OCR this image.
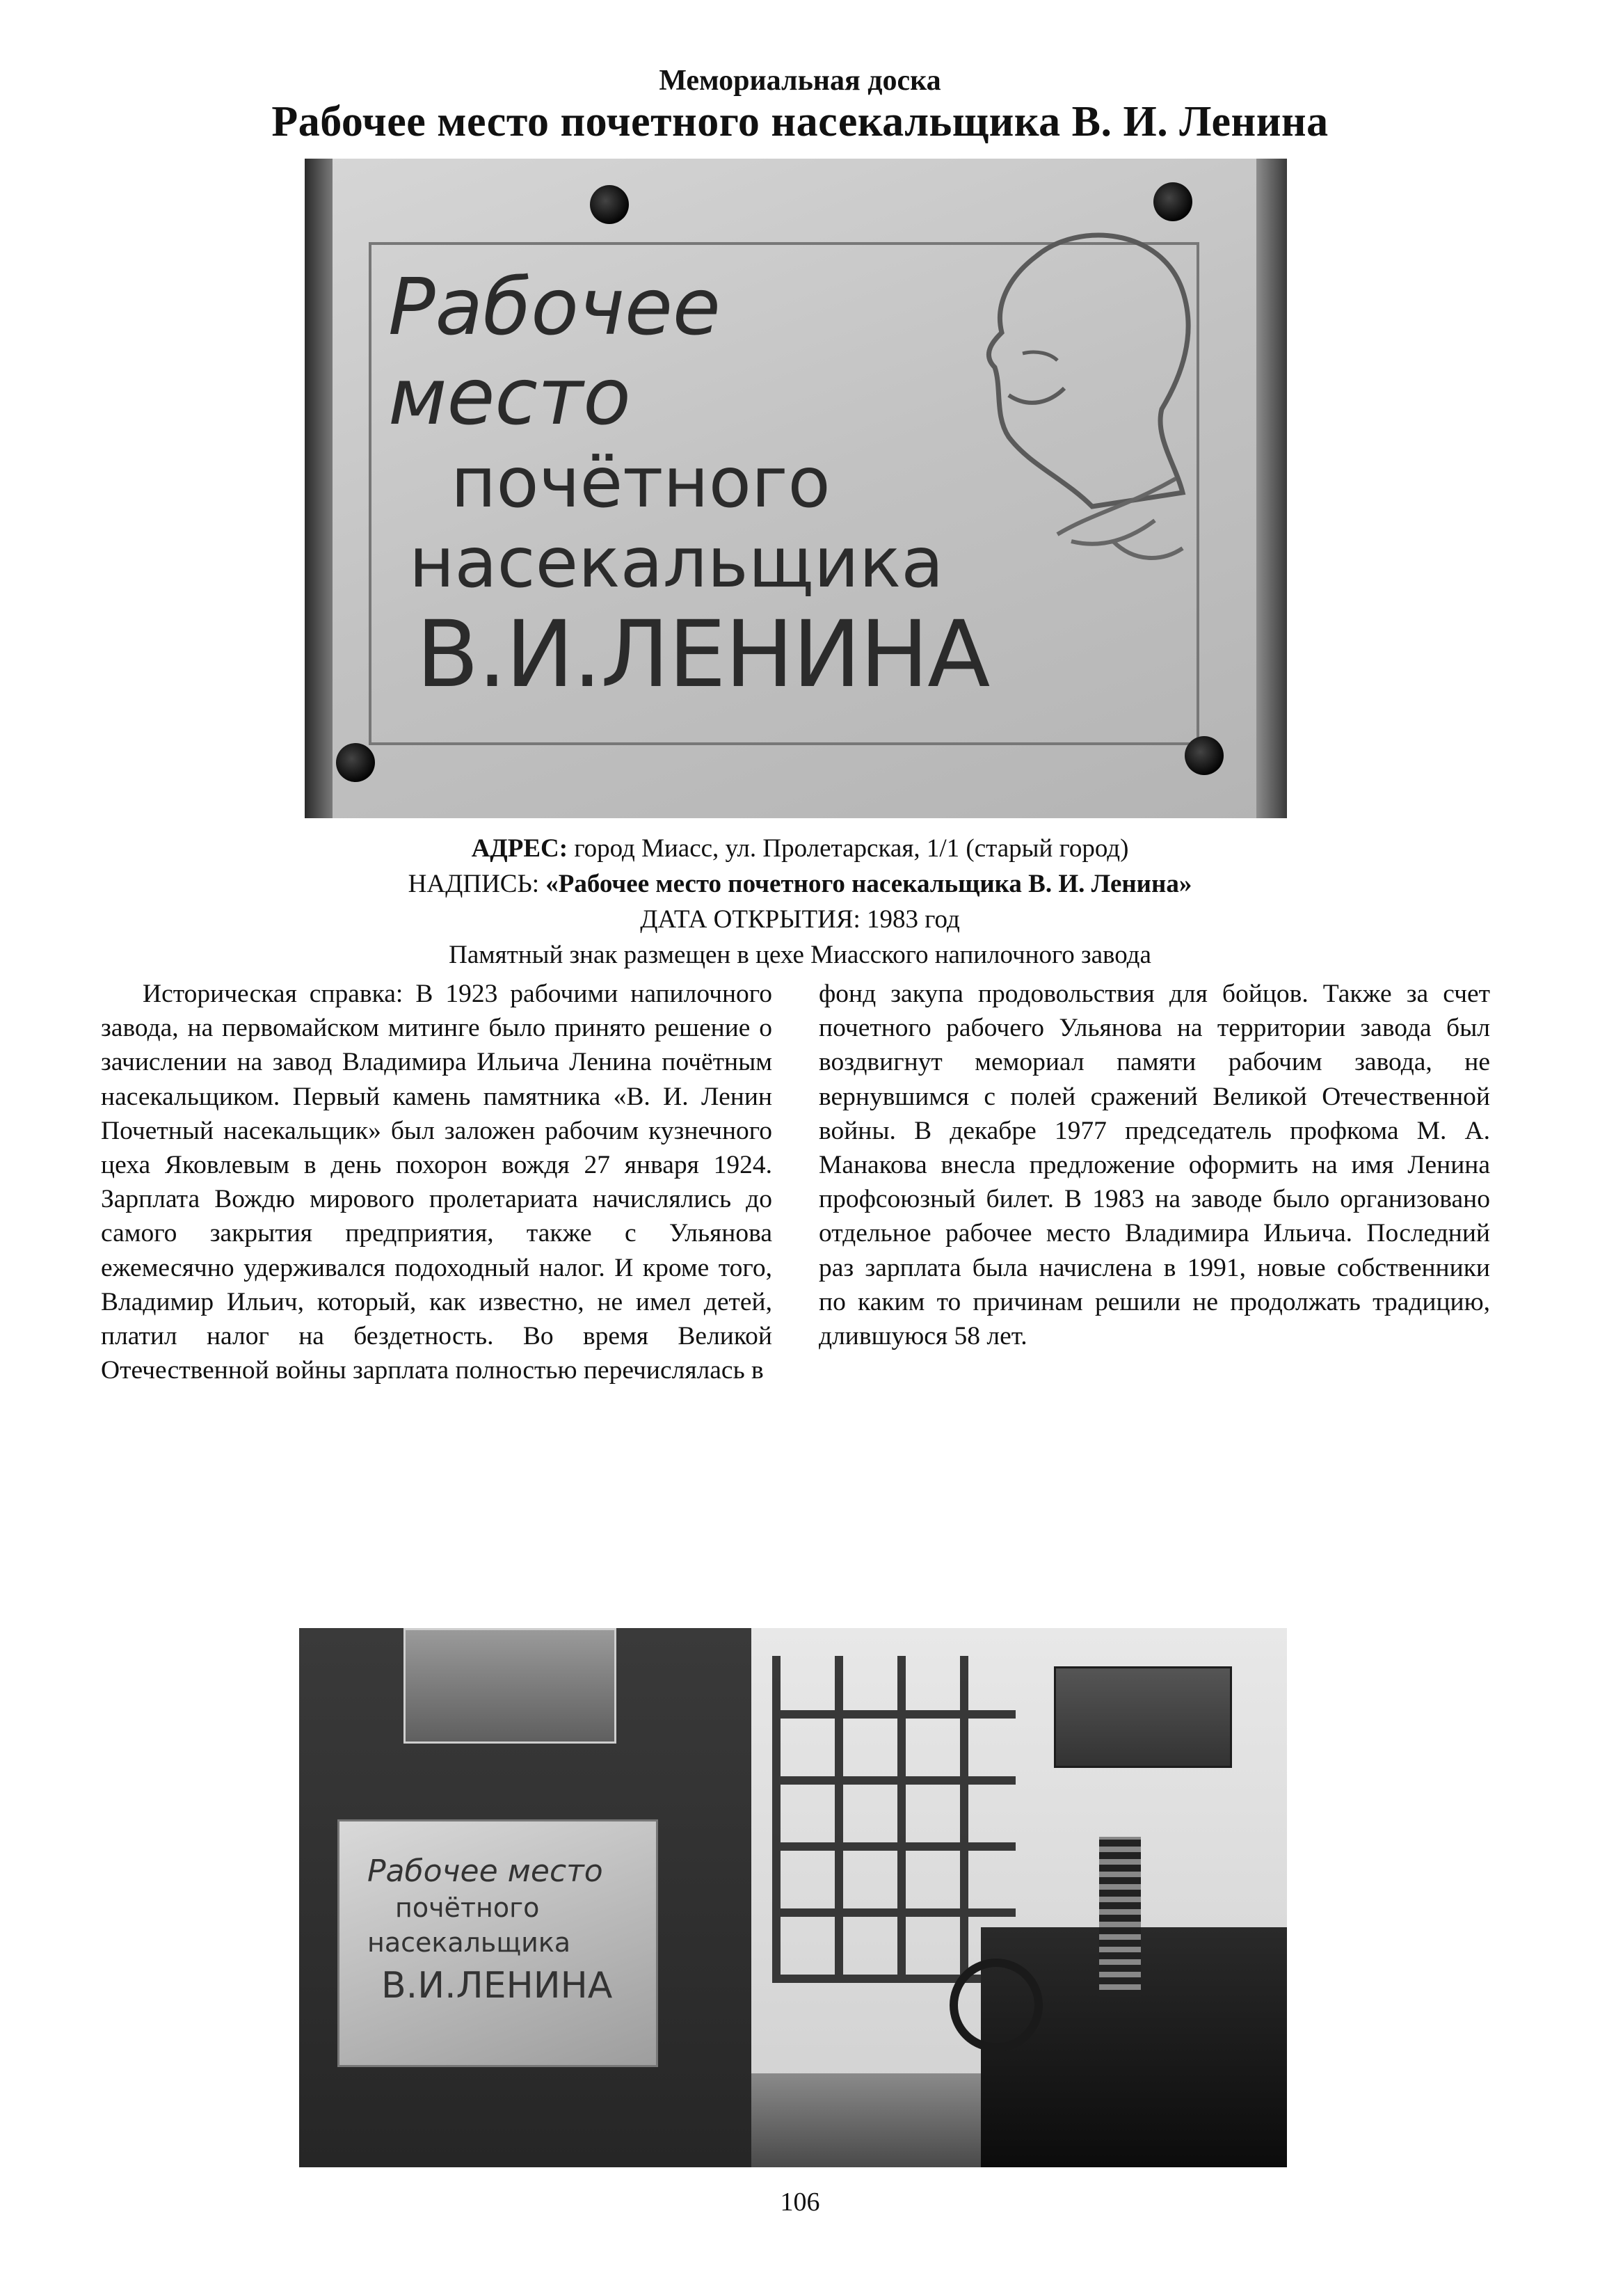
Мемориальная доска
Рабочее место почетного насекальщика В. И. Ленина
Рабочее место
почётного
насекальщика
В.И.ЛЕНИНА
АДРЕС: город Миасс, ул. Пролетарская, 1/1 (старый город)
НАДПИСЬ: «Рабочее место почетного насекальщика В. И. Ленина»
ДАТА ОТКРЫТИЯ: 1983 год
Памятный знак размещен в цехе Миасского напилочного завода

Историческая справка: В 1923 рабочими напилочного завода, на первомайском митинге было принято решение о зачислении на завод Владимира Ильича Ленина почётным насекальщиком. Первый камень памятника «В. И. Ленин Почетный насекальщик» был заложен рабочим кузнечного цеха Яковлевым в день похорон вождя 27 января 1924. Зарплата Вождю мирового пролетариата начислялись до самого закрытия предприятия, также с Ульянова ежемесячно удерживался подоходный налог. И кроме того, Владимир Ильич, который, как известно, не имел детей, платил налог на бездетность. Во время Великой Отечественной войны зарплата полностью перечислялась в

фонд закупа продовольствия для бойцов. Также за счет почетного рабочего Ульянова на территории завода был воздвигнут мемориал памяти рабочим завода, не вернувшимся с полей сражений Великой Отечественной войны. В декабре 1977 председатель профкома М. А. Манакова внесла предложение оформить на имя Ленина профсоюзный билет. В 1983 на заводе было организовано отдельное рабочее место Владимира Ильича. Последний раз зарплата была начислена в 1991, новые собственники по каким то причинам решили не продолжать традицию, длившуюся 58 лет.

Рабочее место
почётного
насекальщика
В.И.ЛЕНИНА
106
